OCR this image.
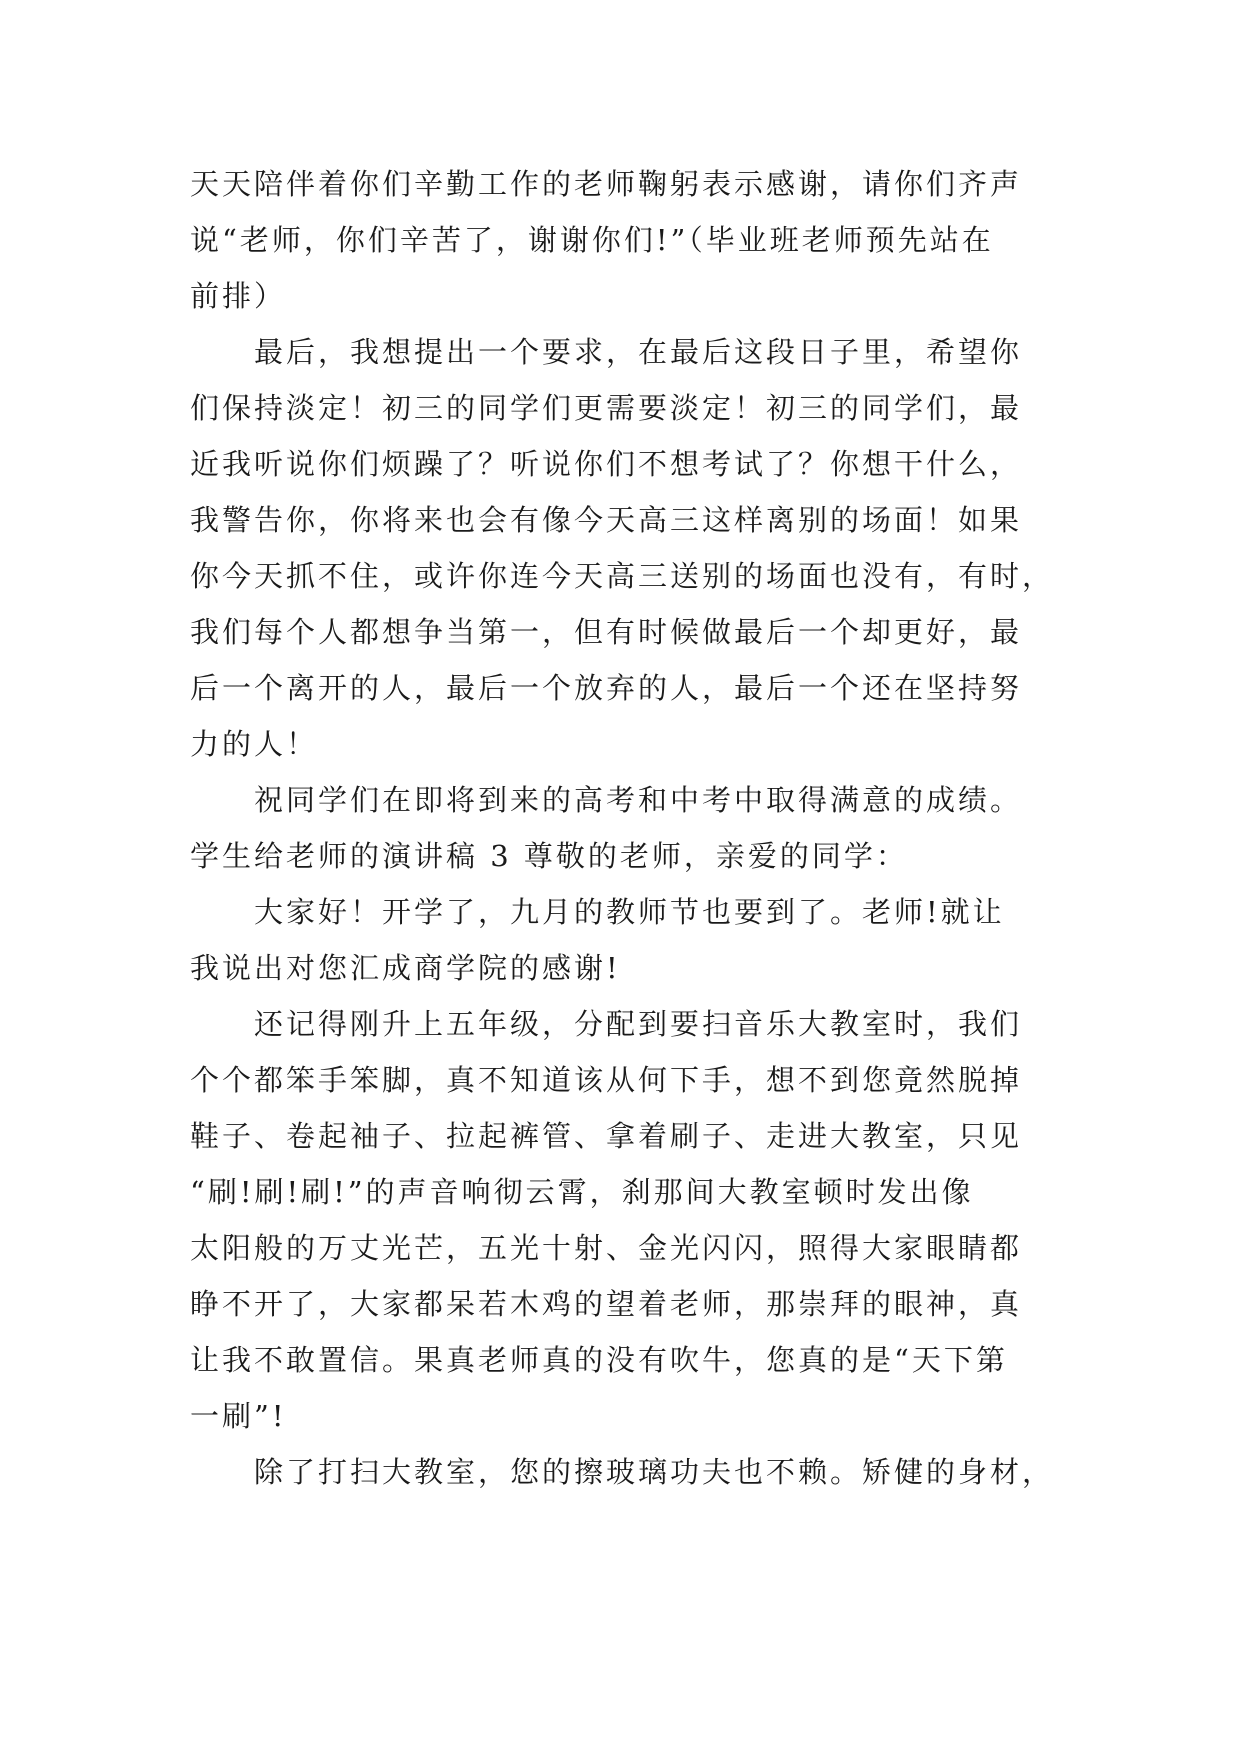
天天陪伴着你们辛勤工作的老师鞠躬表示感谢，请你们齐声
说“老师，你们辛苦了，谢谢你们!”（毕业班老师预先站在
前排）
最后，我想提出一个要求，在最后这段日子里，希望你
们保持淡定！初三的同学们更需要淡定！初三的同学们，最
近我听说你们烦躁了？听说你们不想考试了？你想干什么，
我警告你，你将来也会有像今天高三这样离别的场面！如果
你今天抓不住，或许你连今天高三送别的场面也没有，有时，
我们每个人都想争当第一，但有时候做最后一个却更好，最
后一个离开的人，最后一个放弃的人，最后一个还在坚持努
力的人！
祝同学们在即将到来的高考和中考中取得满意的成绩。
学生给老师的演讲稿 3 尊敬的老师，亲爱的同学：
大家好！开学了，九月的教师节也要到了。老师!就让
我说出对您汇成商学院的感谢!
还记得刚升上五年级，分配到要扫音乐大教室时，我们
个个都笨手笨脚，真不知道该从何下手，想不到您竟然脱掉
鞋子、卷起袖子、拉起裤管、拿着刷子、走进大教室，只见
“刷!刷!刷!”的声音响彻云霄，刹那间大教室顿时发出像
太阳般的万丈光芒，五光十射、金光闪闪，照得大家眼睛都
睁不开了，大家都呆若木鸡的望着老师，那崇拜的眼神，真
让我不敢置信。果真老师真的没有吹牛，您真的是“天下第
一刷”!
除了打扫大教室，您的擦玻璃功夫也不赖。矫健的身材，
